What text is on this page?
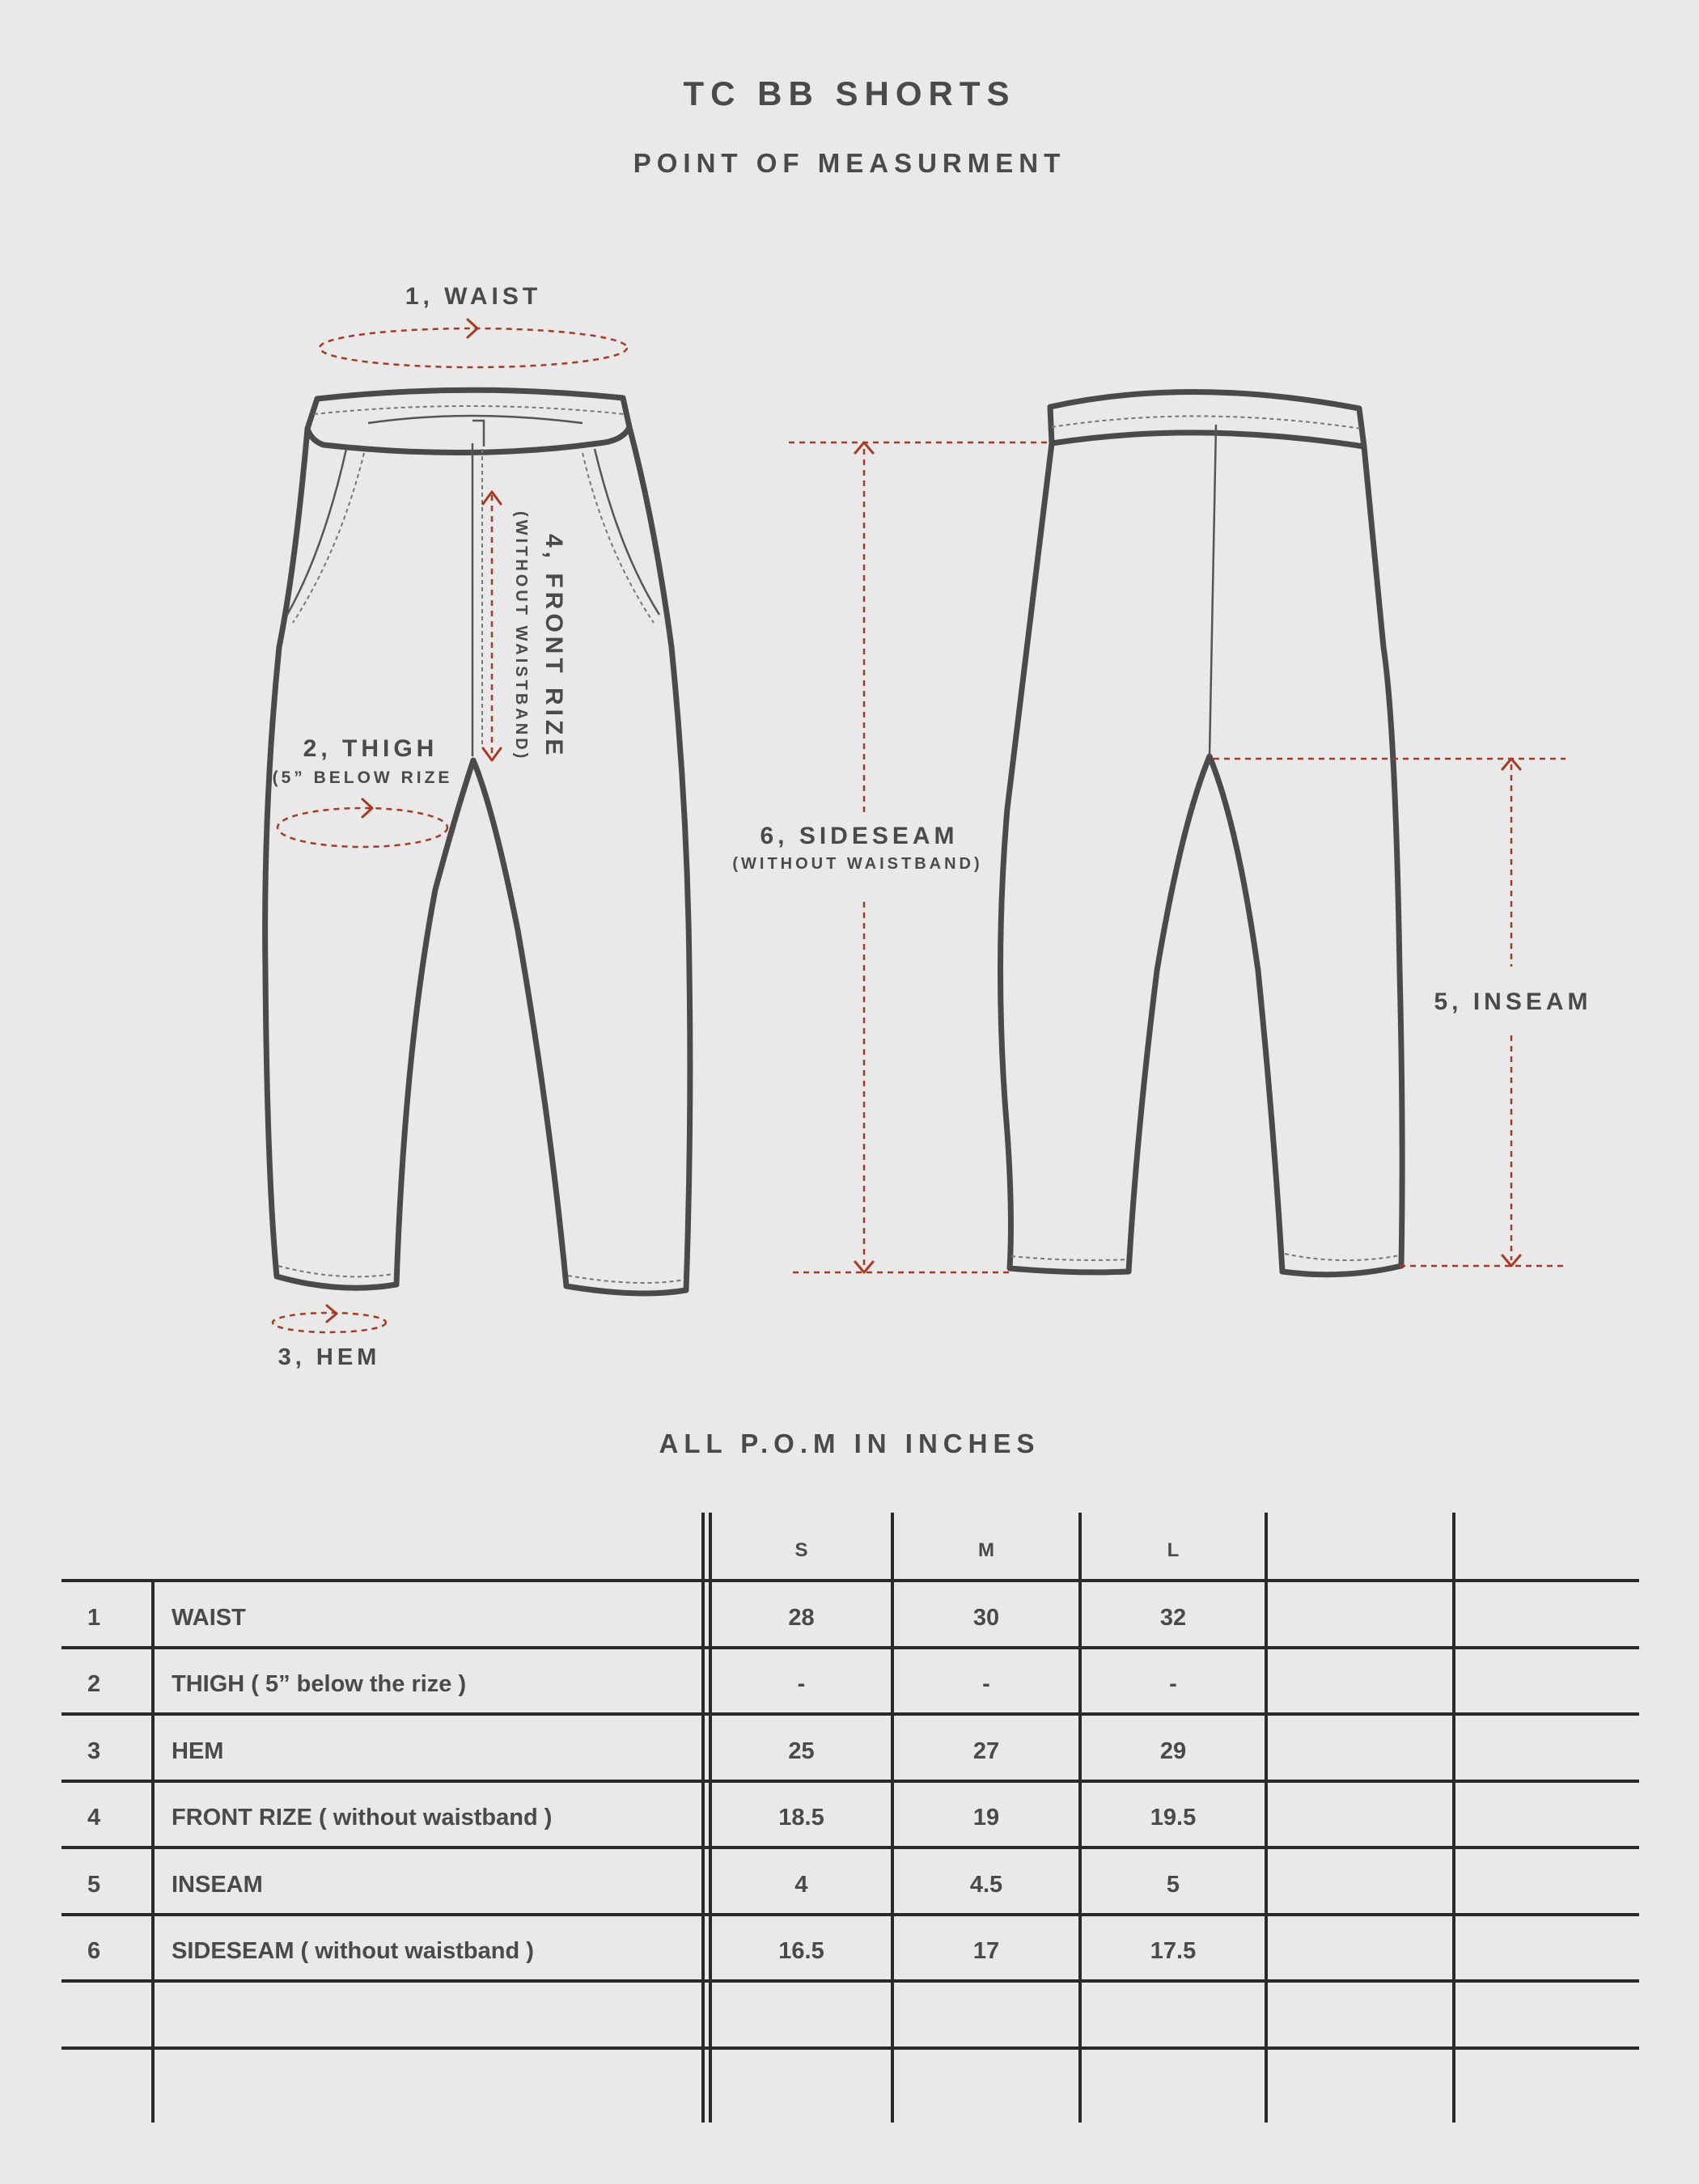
TC BB SHORTS
POINT OF MEASURMENT
1, WAIST
2, THIGH
(5” BELOW RIZE
3, HEM
4, FRONT RIZE
(WITHOUT WAISTBAND)
6, SIDESEAM
(WITHOUT WAISTBAND)
5, INSEAM
ALL P.O.M IN INCHES
S	M	L
1	WAIST	28	30	32
2	THIGH ( 5” below the rize )	-	-	-
3	HEM	25	27	29
4	FRONT RIZE ( without waistband )	18.5	19	19.5
5	INSEAM	4	4.5	5
6	SIDESEAM ( without waistband )	16.5	17	17.5
